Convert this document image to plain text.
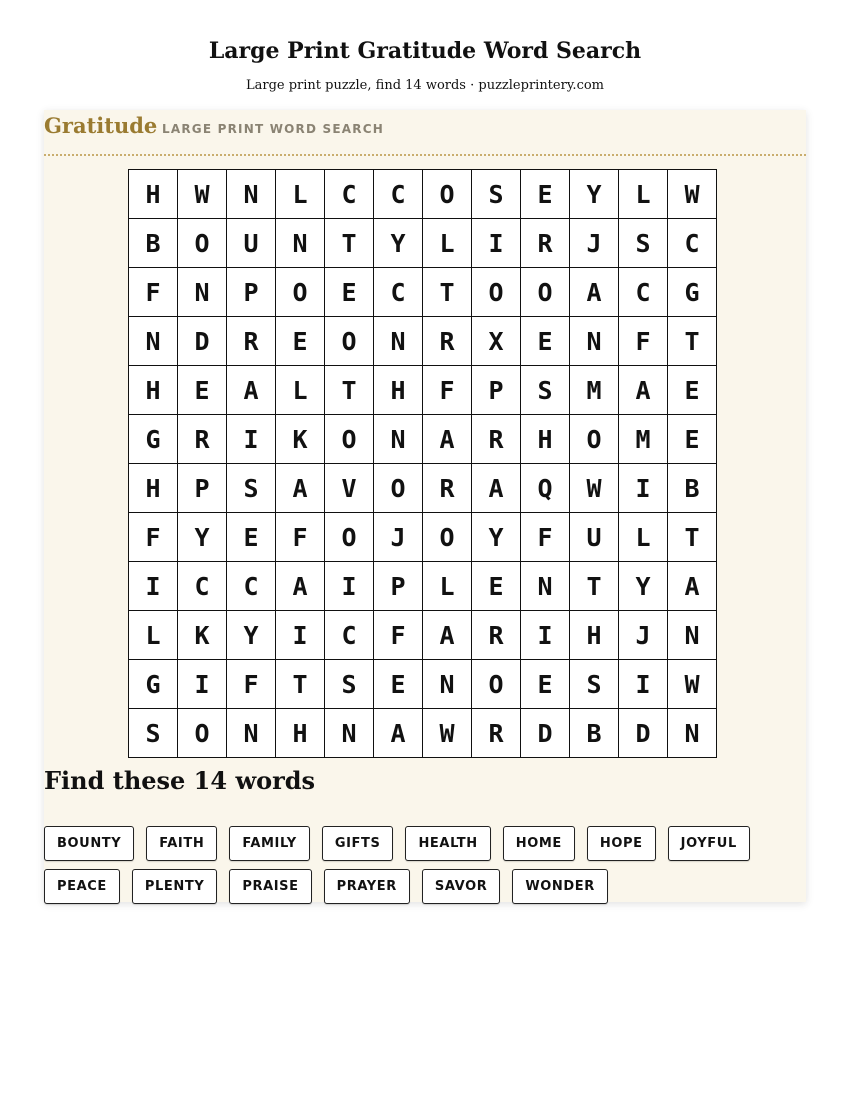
Large Print Gratitude Word Search

Large print puzzle, find 14 words · puzzleprintery.com

Gratitude LARGE PRINT WORD SEARCH
H	W	N	L	C	C	O	S	E	Y	L	W
B	O	U	N	T	Y	L	I	R	J	S	C
F	N	P	O	E	C	T	O	O	A	C	G
N	D	R	E	O	N	R	X	E	N	F	T
H	E	A	L	T	H	F	P	S	M	A	E
G	R	I	K	O	N	A	R	H	O	M	E
H	P	S	A	V	O	R	A	Q	W	I	B
F	Y	E	F	O	J	O	Y	F	U	L	T
I	C	C	A	I	P	L	E	N	T	Y	A
L	K	Y	I	C	F	A	R	I	H	J	N
G	I	F	T	S	E	N	O	E	S	I	W
S	O	N	H	N	A	W	R	D	B	D	N
Find these 14 words
BOUNTY	FAITH	FAMILY	GIFTS	HEALTH	HOME	HOPE	JOYFUL
PEACE	PLENTY	PRAISE	PRAYER	SAVOR	WONDER
